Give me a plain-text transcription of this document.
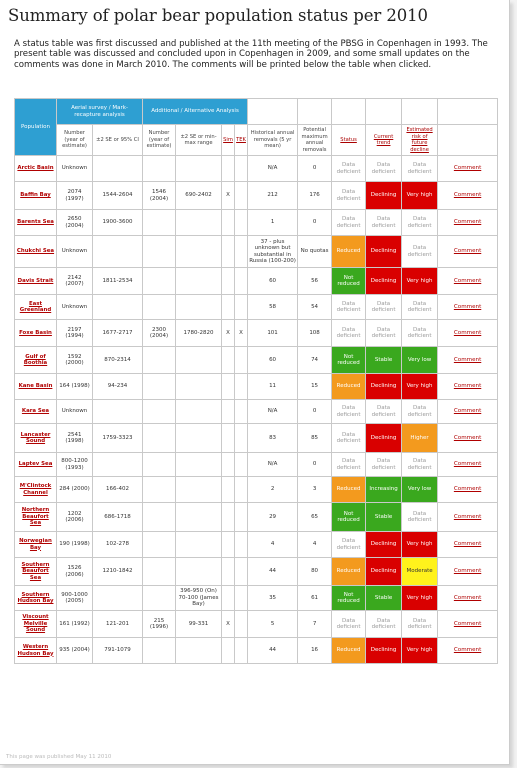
Summary of polar bear population status per 2010
A status table was first discussed and published at the 11th meeting of the PBSG in Copenhagen in 1993. The present table was discussed and concluded upon in Copenhagen in 2009, and some small updates on the comments was done in March 2010. The comments will be printed below the table when clicked.
Population	Aerial survey / Mark-recapture analysis		Additional / Alternative Analysis									
	Number (year of estimate)	±2 SE or 95% CI	Number (year of estimate)	±2 SE or min-max range	Sim	TEK	Historical annual removals (5 yr mean)	Potential maximum annual removals	Status	Current trend	Estimated risk of future decline	
Arctic Basin	Unknown						N/A	0	Data deficient	Data deficient	Data deficient	Comment
Baffin Bay	2074 (1997)	1544-2604	1546 (2004)	690-2402	X		212	176	Data deficient	Declining	Very high	Comment
Barents Sea	2650 (2004)	1900-3600					1	0	Data deficient	Data deficient	Data deficient	Comment
Chukchi Sea	Unknown						37 - plus unknown but substantial in Russia (100-200)	No quotas	Reduced	Declining	Data deficient	Comment
Davis Strait	2142 (2007)	1811-2534					60	56	Not reduced	Declining	Very high	Comment
East Greenland	Unknown						58	54	Data deficient	Data deficient	Data deficient	Comment
Foxe Basin	2197 (1994)	1677-2717	2300 (2004)	1780-2820	X	X	101	108	Data deficient	Data deficient	Data deficient	Comment
Gulf of Boothia	1592 (2000)	870-2314					60	74	Not reduced	Stable	Very low	Comment
Kane Basin	164 (1998)	94-234					11	15	Reduced	Declining	Very high	Comment
Kara Sea	Unknown						N/A	0	Data deficient	Data deficient	Data deficient	Comment
Lancaster Sound	2541 (1998)	1759-3323					83	85	Data deficient	Declining	Higher	Comment
Laptev Sea	800-1200 (1993)						N/A	0	Data deficient	Data deficient	Data deficient	Comment
M'Clintock Channel	284 (2000)	166-402					2	3	Reduced	Increasing	Very low	Comment
Northern Beaufort Sea	1202 (2006)	686-1718					29	65	Not reduced	Stable	Data deficient	Comment
Norwegian Bay	190 (1998)	102-278					4	4	Data deficient	Declining	Very high	Comment
Southern Beaufort Sea	1526 (2006)	1210-1842					44	80	Reduced	Declining	Moderate	Comment
Southern Hudson Bay	900-1000 (2005)			396-950 (On) 70-100 (James Bay)			35	61	Not reduced	Stable	Very high	Comment
Viscount Melville Sound	161 (1992)	121-201	215 (1996)	99-331	X		5	7	Data deficient	Data deficient	Data deficient	Comment
Western Hudson Bay	935 (2004)	791-1079					44	16	Reduced	Declining	Very high	Comment
This page was published May 11 2010
